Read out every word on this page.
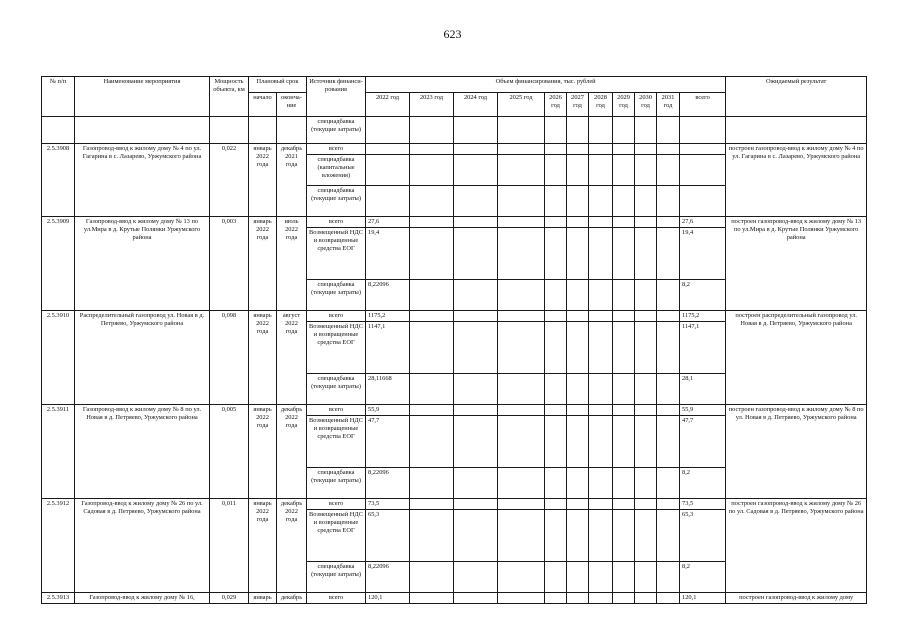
623
№ п/п	Наименование мероприятия	Мощность объекта, км	Плановый срок		Источник финанси-рования	Объем финансирования, тыс. рублей											Ожидаемый результат
			начало	оконча-ние		2022 год	2023 год	2024 год	2025 год	2026 год	2027 год	2028 год	2029 год	2030 год	2031 год	всего	
					спецнадбавка (текущие затраты)												
2.5.3908	Газопровод-ввод к жилому дому № 4 по ул. Гагарина в с. Лазарево, Уржумского района	0,022	январь 2022 года	декабрь 2021 года	всего												построен газопровод-ввод к жилому дому № 4 по ул. Гагарина в с. Лазарево, Уржумского района
					спецнадбавка (капитальные вложения)												
					спецнадбавка (текущие затраты)												
2.5.3909	Газопровод-ввод к жилому дому № 13 по ул.Мира в д. Крутые Полянки Уржумского района	0,003	январь 2022 года	июль 2022 года	всего	27,6										27,6	построен газопровод-ввод к жилому дому № 13 по ул.Мира в д. Крутые Полянки Уржумского района
					Возмещенный НДС и возвращенные средства ЕОГ	19,4										19,4	
					спецнадбавка (текущие затраты)	8,22096										8,2	
2.5.3910	Распределительный газопровод ул. Новая в д. Петряево, Уржумского района	0,098	январь 2022 года	август 2022 года	всего	1175,2										1175,2	построен распределительный газопровод ул. Новая в д. Петряево, Уржумского района
					Возмещенный НДС и возвращенные средства ЕОГ	1147,1										1147,1	
					спецнадбавка (текущие затраты)	28,11668										28,1	
2.5.3911	Газопровод-ввод к жилому дому № 8 по ул. Новая в д. Петряево, Уржумского района	0,005	январь 2022 года	декабрь 2022 года	всего	55,9										55,9	построен газопровод-ввод к жилому дому № 8 по ул. Новая в д. Петряево, Уржумского района
					Возмещенный НДС и возвращенные средства ЕОГ	47,7										47,7	
					спецнадбавка (текущие затраты)	8,22096										8,2	
2.5.3912	Газопровод-ввод к жилому дому № 26 по ул. Садовая в д. Петряево, Уржумского района	0,011	январь 2022 года	декабрь 2022 года	всего	73,5										73,5	построен газопровод-ввод к жилому дому № 26 по ул. Садовая в д. Петряево, Уржумского района
					Возмещенный НДС и возвращенные средства ЕОГ	65,3										65,3	
					спецнадбавка (текущие затраты)	8,22096										8,2	
2.5.3913	Газопровод-ввод к жилому дому № 16,	0,029	январь	декабрь	всего	120,1										120,1	построен газопровод-ввод к жилому дому
